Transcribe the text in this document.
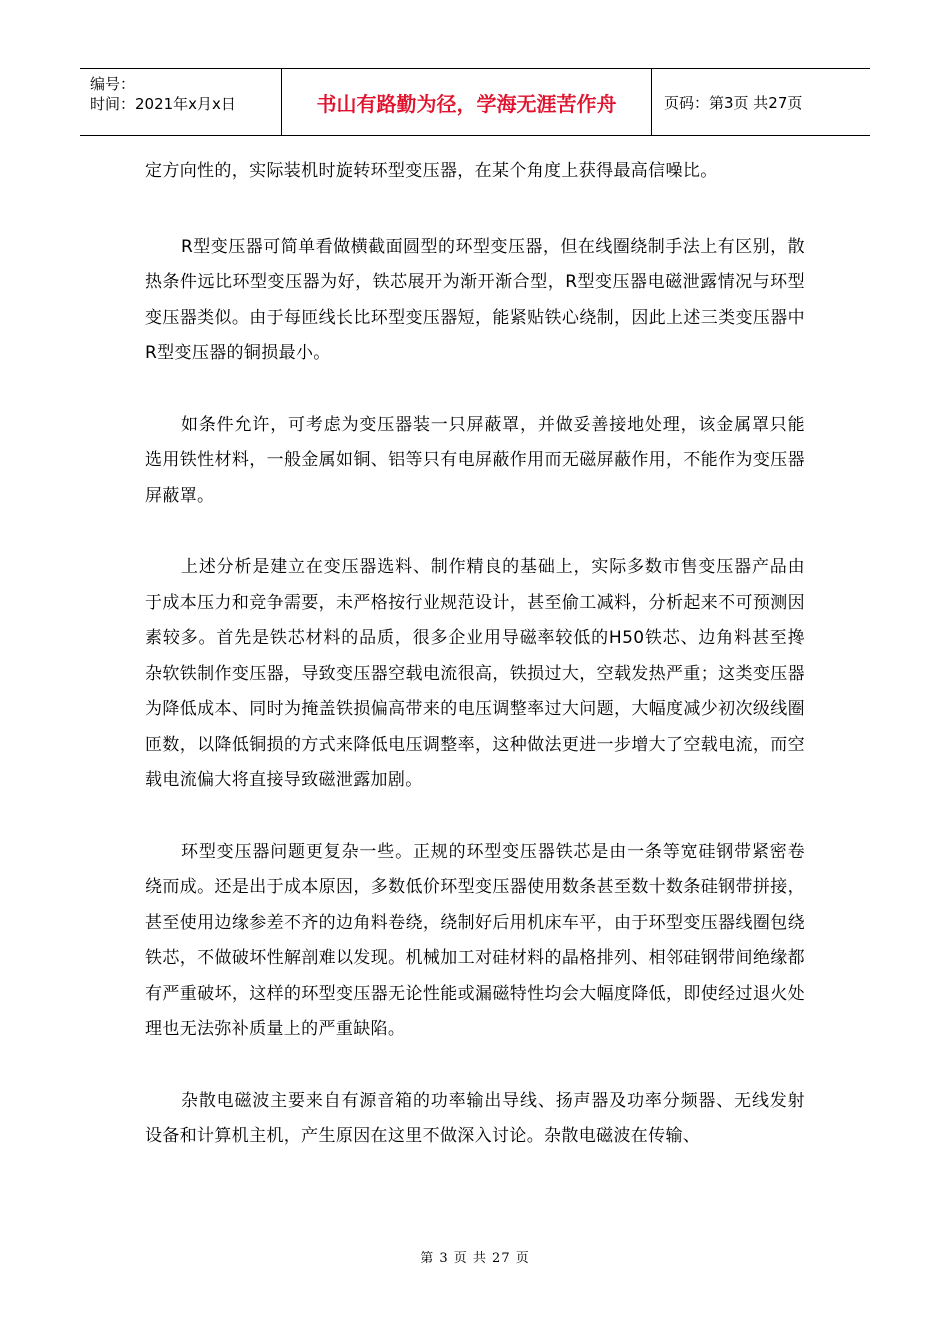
编号：
时间：2021年x月x日	书山有路勤为径，学海无涯苦作舟	页码：第3页 共27页

定方向性的，实际装机时旋转环型变压器，在某个角度上获得最高信噪比。

R型变压器可简单看做横截面圆型的环型变压器，但在线圈绕制手法上有区别，散热条件远比环型变压器为好，铁芯展开为渐开渐合型，R型变压器电磁泄露情况与环型变压器类似。由于每匝线长比环型变压器短，能紧贴铁心绕制，因此上述三类变压器中R型变压器的铜损最小。

如条件允许，可考虑为变压器装一只屏蔽罩，并做妥善接地处理，该金属罩只能选用铁性材料，一般金属如铜、铝等只有电屏蔽作用而无磁屏蔽作用，不能作为变压器屏蔽罩。

上述分析是建立在变压器选料、制作精良的基础上，实际多数市售变压器产品由于成本压力和竞争需要，未严格按行业规范设计，甚至偷工减料，分析起来不可预测因素较多。首先是铁芯材料的品质，很多企业用导磁率较低的H50铁芯、边角料甚至搀杂软铁制作变压器，导致变压器空载电流很高，铁损过大，空载发热严重；这类变压器为降低成本、同时为掩盖铁损偏高带来的电压调整率过大问题，大幅度减少初次级线圈匝数，以降低铜损的方式来降低电压调整率，这种做法更进一步增大了空载电流，而空载电流偏大将直接导致磁泄露加剧。

环型变压器问题更复杂一些。正规的环型变压器铁芯是由一条等宽硅钢带紧密卷绕而成。还是出于成本原因，多数低价环型变压器使用数条甚至数十数条硅钢带拼接，甚至使用边缘参差不齐的边角料卷绕，绕制好后用机床车平，由于环型变压器线圈包绕铁芯，不做破坏性解剖难以发现。机械加工对硅材料的晶格排列、相邻硅钢带间绝缘都有严重破坏，这样的环型变压器无论性能或漏磁特性均会大幅度降低，即使经过退火处理也无法弥补质量上的严重缺陷。

杂散电磁波主要来自有源音箱的功率输出导线、扬声器及功率分频器、无线发射设备和计算机主机，产生原因在这里不做深入讨论。杂散电磁波在传输、

第 3 页 共 27 页
